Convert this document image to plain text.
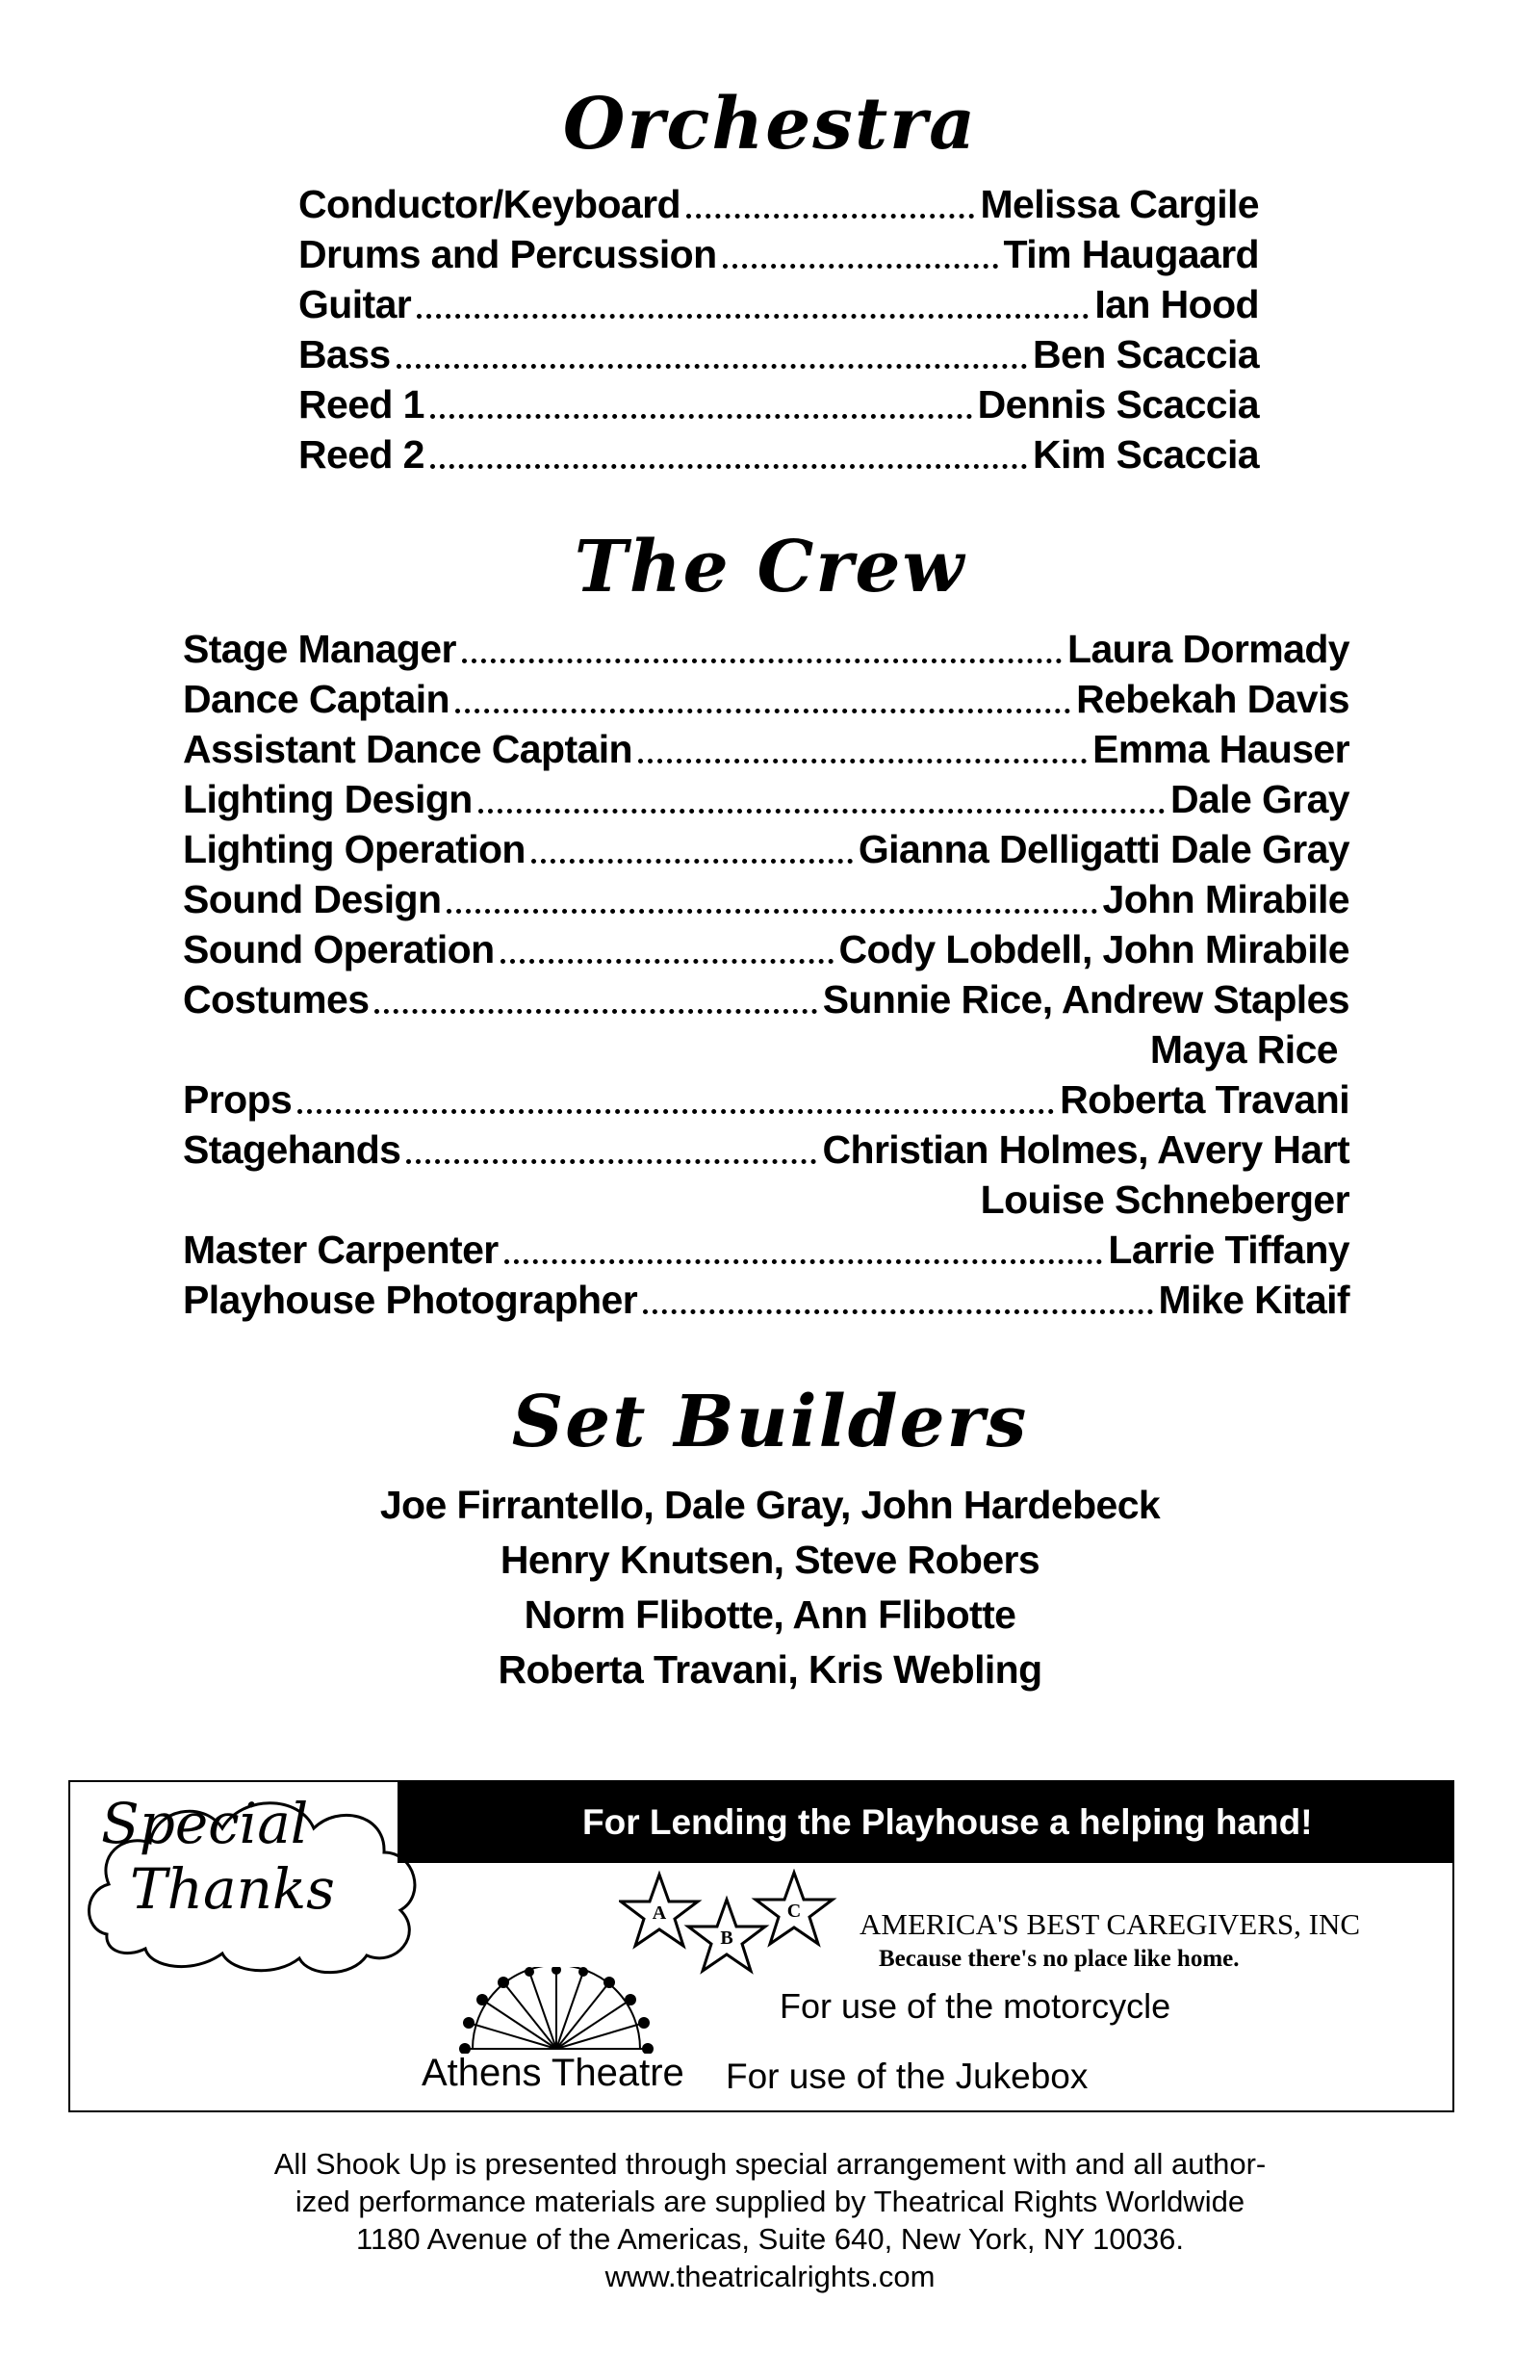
Orchestra
Conductor/Keyboard	Melissa Cargile
Drums and Percussion	Tim Haugaard
Guitar	Ian Hood
Bass	Ben Scaccia
Reed 1	Dennis Scaccia
Reed 2	Kim Scaccia
The Crew
Stage Manager	Laura Dormady
Dance Captain	Rebekah Davis
Assistant Dance Captain	Emma Hauser
Lighting Design	Dale Gray
Lighting Operation	Gianna Delligatti Dale Gray
Sound Design	John Mirabile
Sound Operation	Cody Lobdell, John Mirabile
Costumes	Sunnie Rice, Andrew Staples
Maya Rice
Props	Roberta Travani
Stagehands	Christian Holmes, Avery Hart
Louise Schneberger
Master Carpenter	Larrie Tiffany
Playhouse Photographer	Mike Kitaif
Set Builders
Joe Firrantello, Dale Gray, John Hardebeck
Henry Knutsen, Steve Robers
Norm Flibotte, Ann Flibotte
Roberta Travani, Kris Webling
Special
Thanks
For Lending the Playhouse a helping hand!
A
B
C AMERICA'S BEST CAREGIVERS, INC
Because there's no place like home.
For use of the motorcycle
Athens Theatre For use of the Jukebox
All Shook Up is presented through special arrangement with and all author-
ized performance materials are supplied by Theatrical Rights Worldwide
1180 Avenue of the Americas, Suite 640, New York, NY 10036.
www.theatricalrights.com
